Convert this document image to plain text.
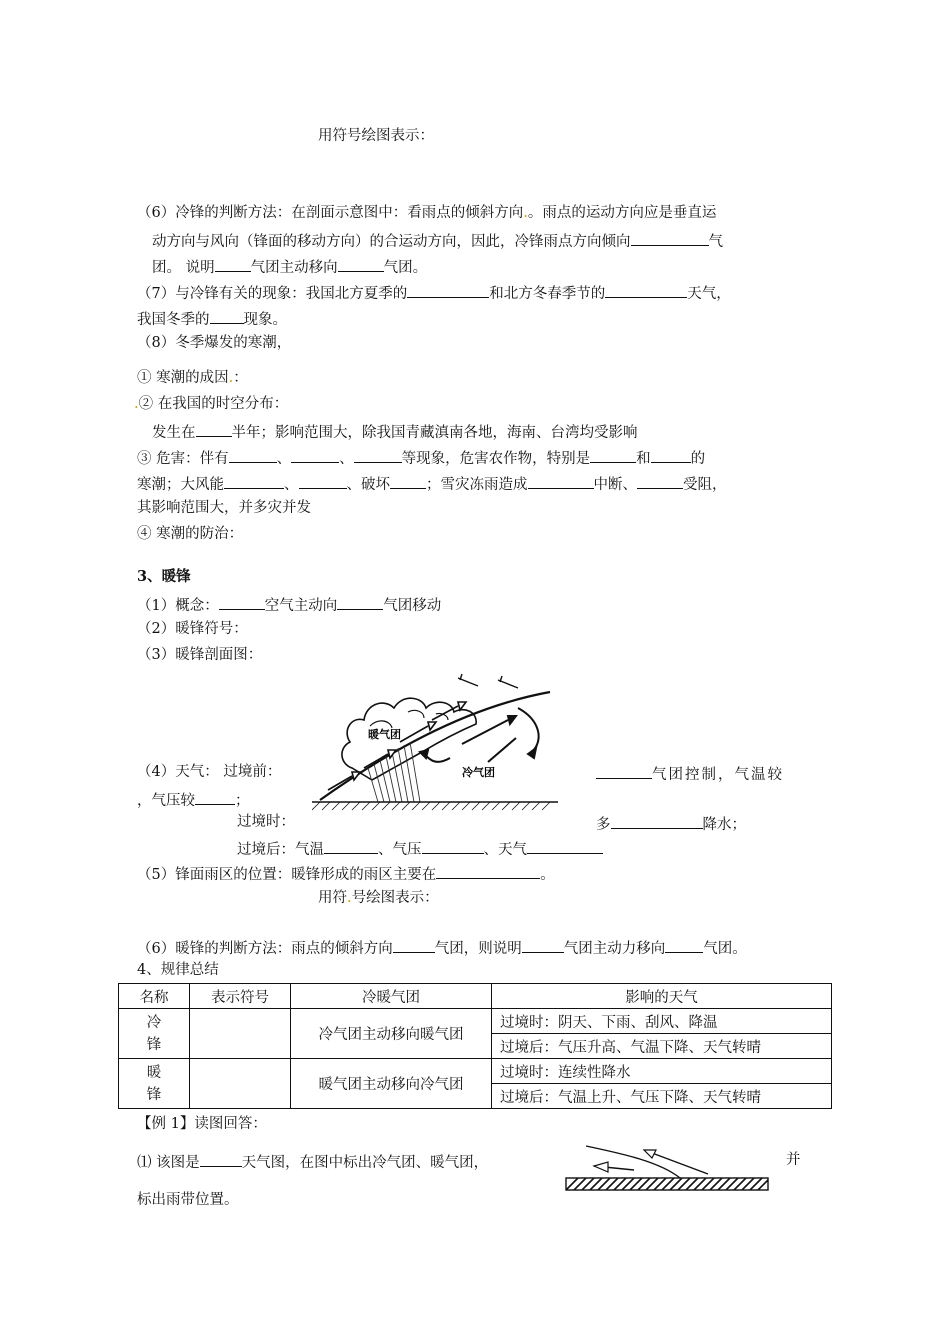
用符号绘图表示：
（6）冷锋的判断方法：在剖面示意图中：看雨点的倾斜方向.。雨点的运动方向应是垂直运
动方向与风向（锋面的移动方向）的合运动方向，因此，冷锋雨点方向倾向	气
团。 说明 气团主动移向	气团。
（7）与冷锋有关的现象：我国北方夏季的	和北方冬春季节的	天气，
我国冬季的 现象。
（8）冬季爆发的寒潮，
① 寒潮的成因.：
.② 在我国的时空分布：
发生在 半年；影响范围大，除我国青藏滇南各地，海南、台湾均受影响
③ 危害：伴有	、	、	等现象，危害农作物，特别是	和	的
寒潮；大风能	、	、破坏 ；雪灾冻雨造成	中断、	受阻，
其影响范围大，并多灾并发
④ 寒潮的防治：
3、暖锋
（1）概念：	空气主动向	气团移动
（2）暖锋符号：
（3）暖锋剖面图：
暖气团
冷气团
（4）天气： 过境前：	气团控制，气温较
，气压较	；
过境时：	多	降水；
过境后：气温	、气压	、天气
（5）锋面雨区的位置：暖锋形成的雨区主要在	。
用符.号绘图表示：
（6）暖锋的判断方法：雨点的倾斜方向	气团，则说明	气团主动力移向	气团。
4、规律总结
名称	表示符号	冷暖气团	影响的天气
冷
锋		冷气团主动移向暖气团	过境时：阴天、下雨、刮风、降温
			过境后：气压升高、气温下降、天气转晴
暖
锋		暖气团主动移向冷气团	过境时：连续性降水
			过境后：气温上升、气压下降、天气转晴
【例 1】读图回答：
⑴ 该图是	天气图，在图中标出冷气团、暖气团，	并
标出雨带位置。
